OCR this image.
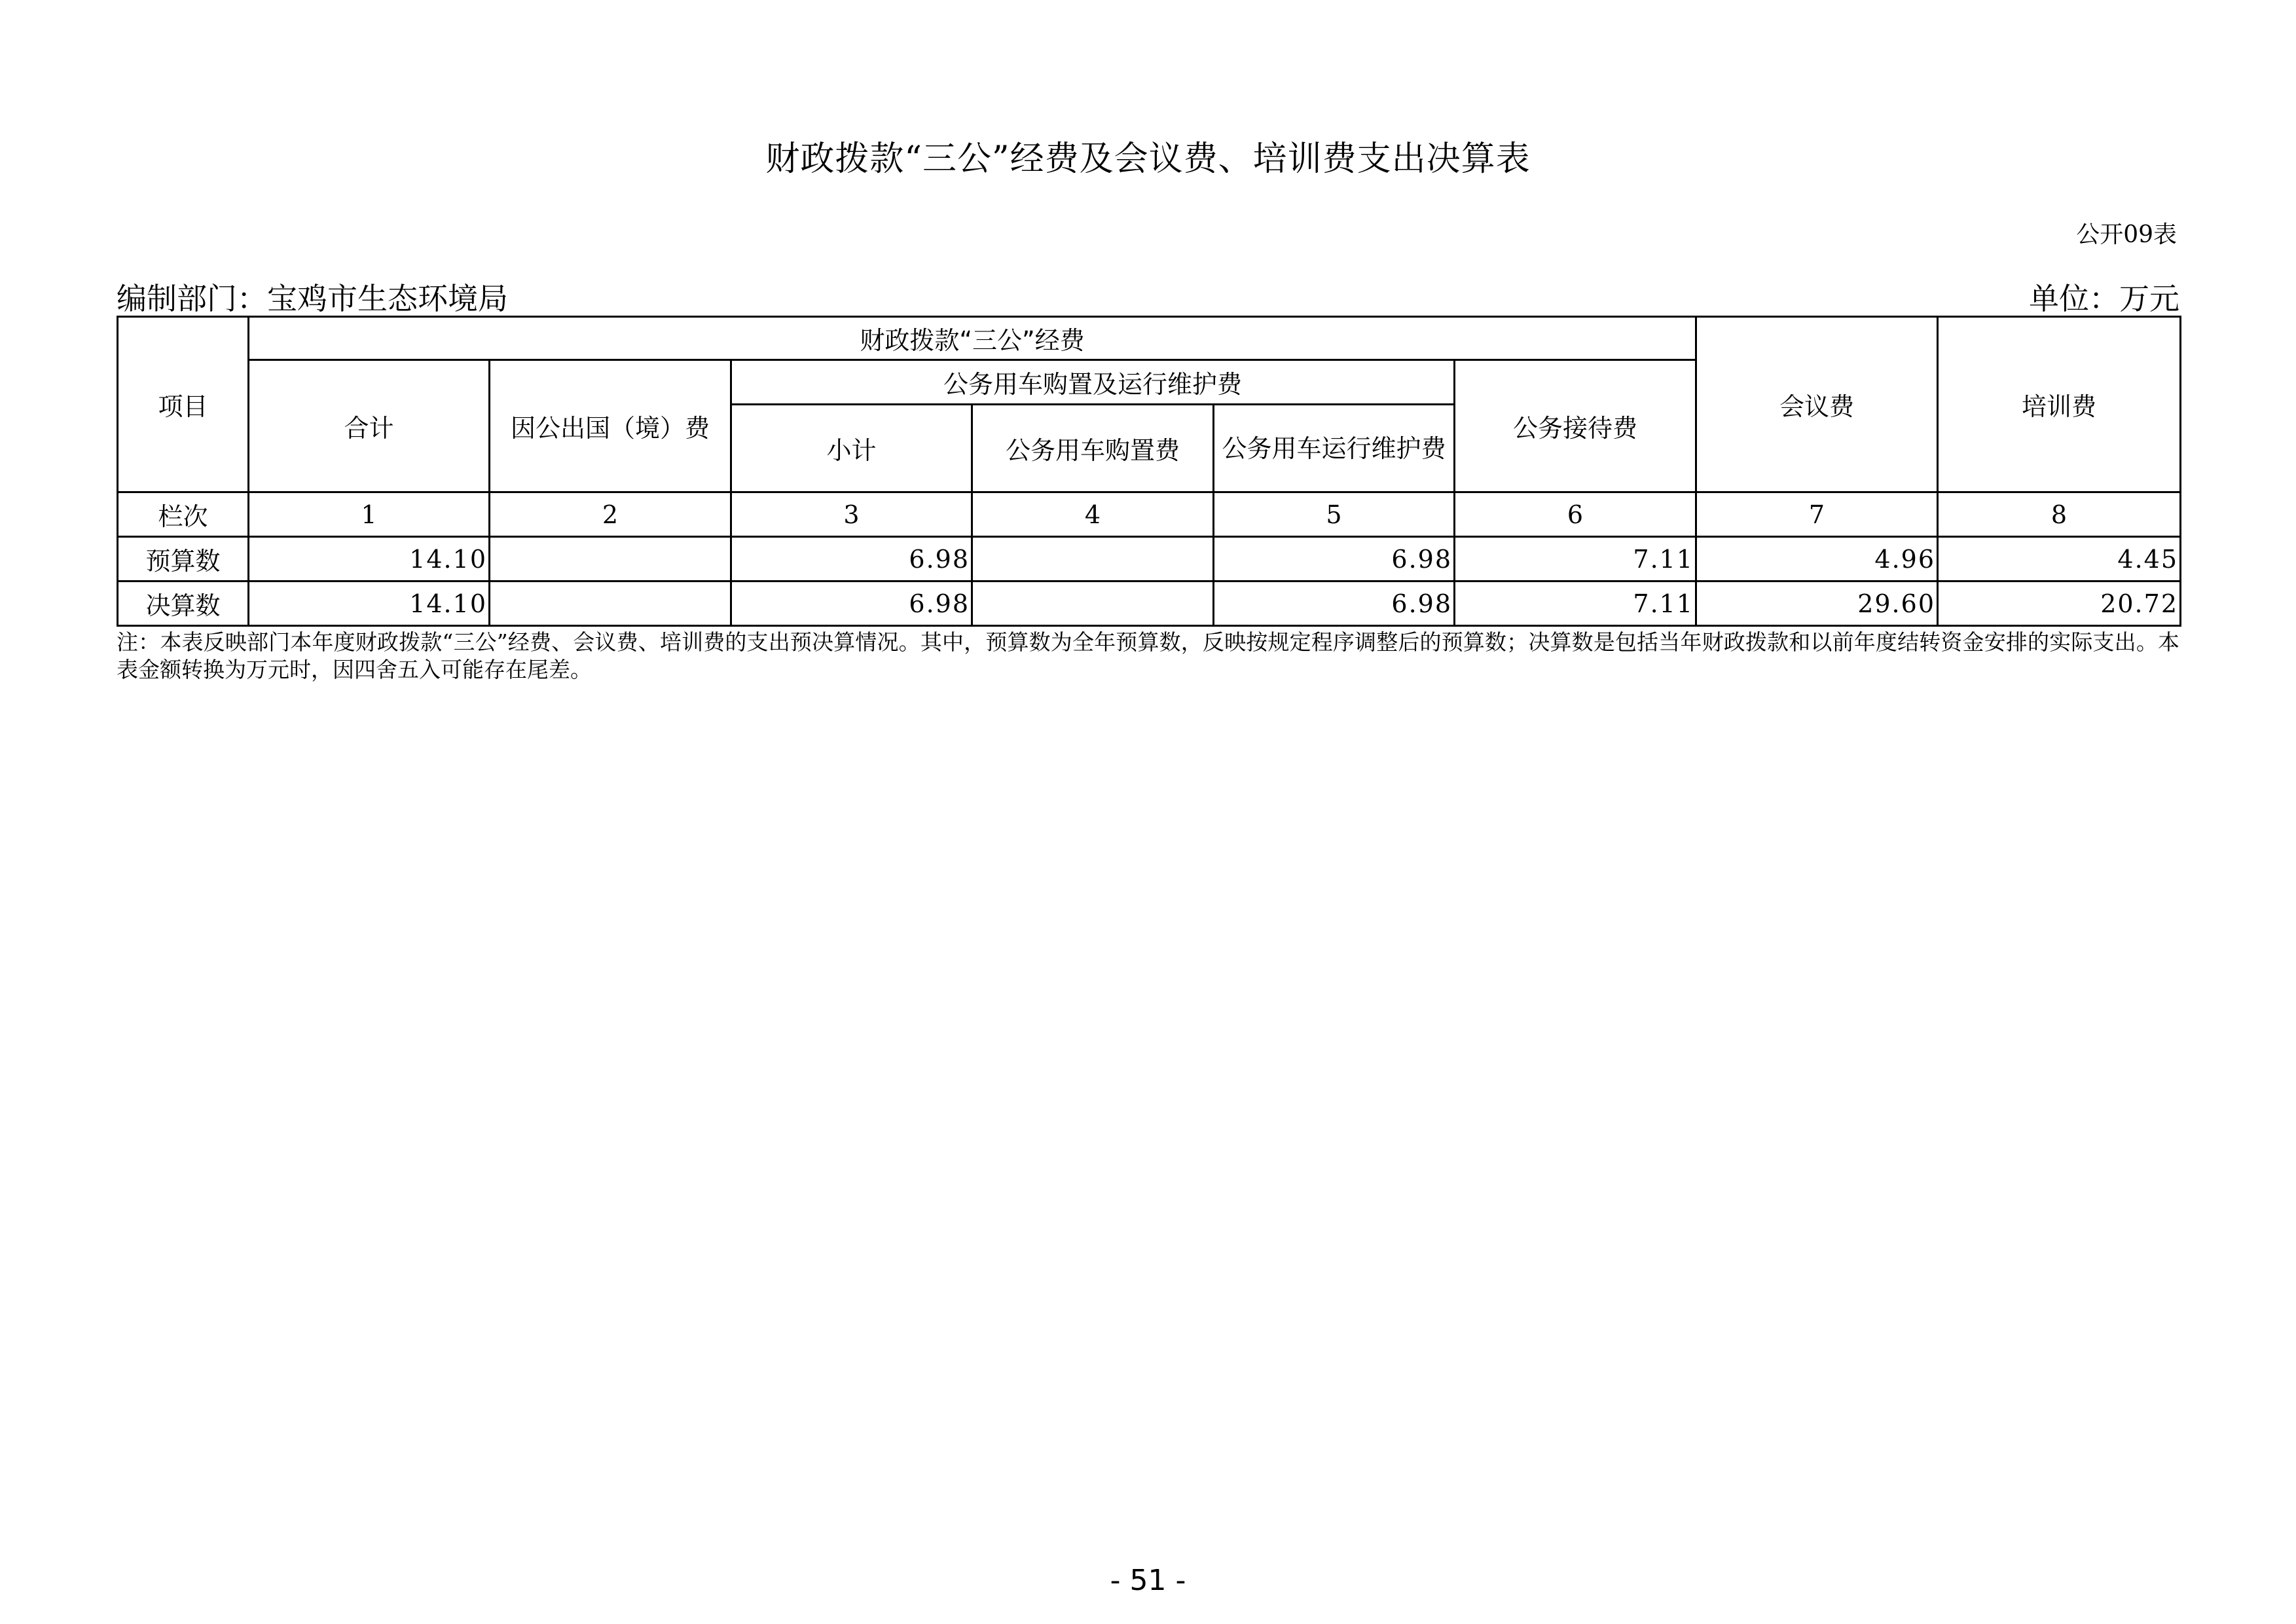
财政拨款“三公”经费及会议费、培训费支出决算表
公开09表
编制部门：宝鸡市生态环境局	单位：万元
项目	财政拨款“三公”经费						会议费	培训费
	合计	因公出国（境）费	公务用车购置及运行维护费			公务接待费		
			小计	公务用车购置费	公务用车运行维护费			
栏次	1	2	3	4	5	6	7	8
预算数	14.10		6.98		6.98	7.11	4.96	4.45
决算数	14.10		6.98		6.98	7.11	29.60	20.72
注：本表反映部门本年度财政拨款“三公”经费、会议费、培训费的支出预决算情况。其中，预算数为全年预算数，反映按规定程序调整后的预算数；决算数是包括当年财政拨款和以前年度结转资金安排的实际支出。本表金额转换为万元时，因四舍五入可能存在尾差。
- 51 -
